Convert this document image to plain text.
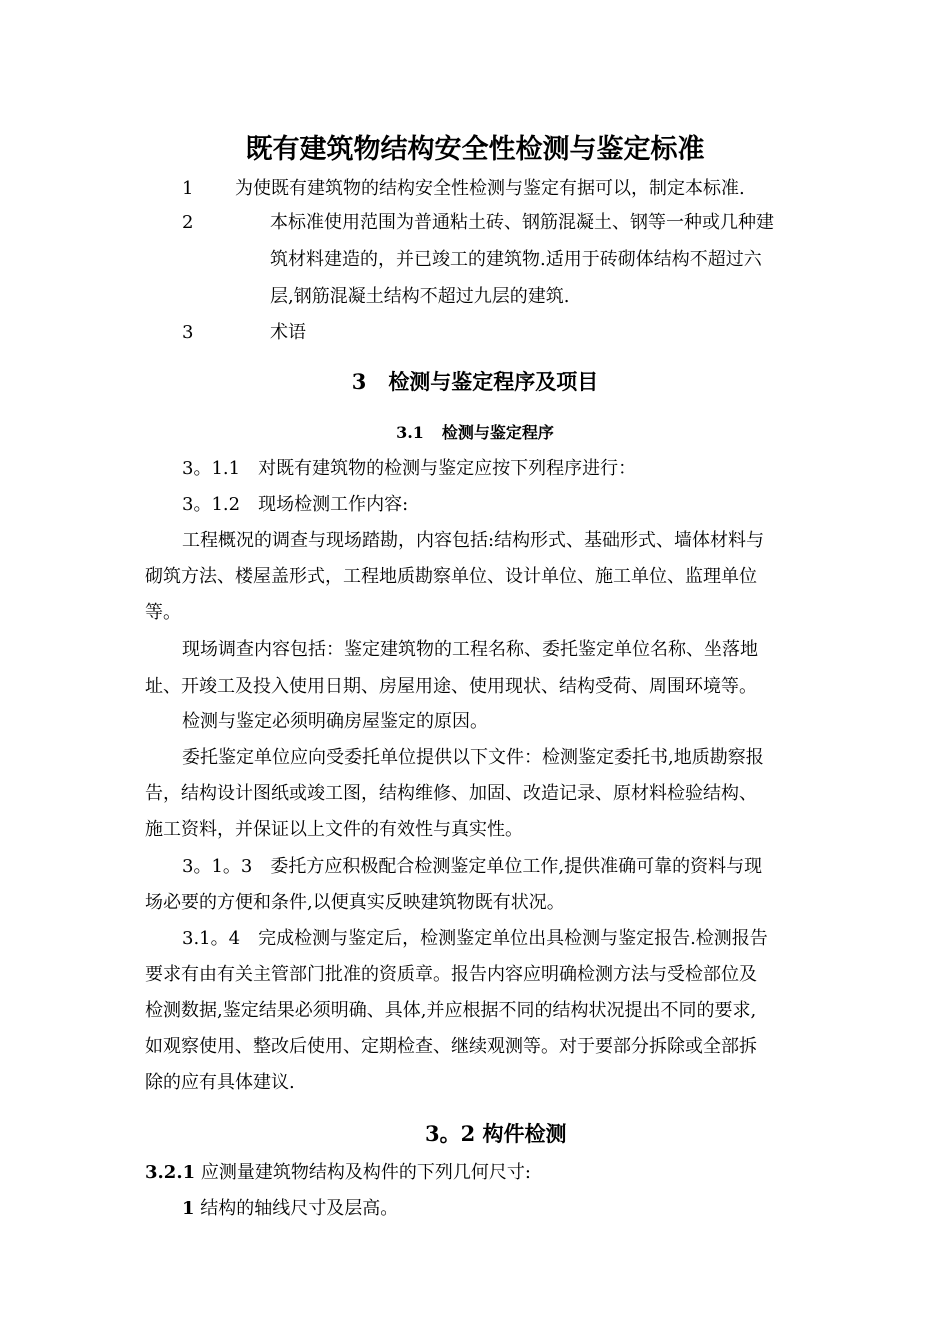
既有建筑物结构安全性检测与鉴定标准
1 为使既有建筑物的结构安全性检测与鉴定有据可以，制定本标准.
2	本标准使用范围为普通粘土砖、钢筋混凝土、钢等一种或几种建
筑材料建造的，并已竣工的建筑物.适用于砖砌体结构不超过六
层,钢筋混凝土结构不超过九层的建筑.
3	术语
3 检测与鉴定程序及项目
3.1 检测与鉴定程序
3。1.1　对既有建筑物的检测与鉴定应按下列程序进行：
3。1.2　现场检测工作内容:
工程概况的调查与现场踏勘，内容包括:结构形式、基础形式、墙体材料与
砌筑方法、楼屋盖形式，工程地质勘察单位、设计单位、施工单位、监理单位
等。
现场调查内容包括：鉴定建筑物的工程名称、委托鉴定单位名称、坐落地
址、开竣工及投入使用日期、房屋用途、使用现状、结构受荷、周围环境等。
检测与鉴定必须明确房屋鉴定的原因。
委托鉴定单位应向受委托单位提供以下文件：检测鉴定委托书,地质勘察报
告，结构设计图纸或竣工图，结构维修、加固、改造记录、原材料检验结构、
施工资料，并保证以上文件的有效性与真实性。
3。1。3　委托方应积极配合检测鉴定单位工作,提供准确可靠的资料与现
场必要的方便和条件,以便真实反映建筑物既有状况。
3.1。4　完成检测与鉴定后，检测鉴定单位出具检测与鉴定报告.检测报告
要求有由有关主管部门批准的资质章。报告内容应明确检测方法与受检部位及
检测数据,鉴定结果必须明确、具体,并应根据不同的结构状况提出不同的要求,
如观察使用、整改后使用、定期检查、继续观测等。对于要部分拆除或全部拆
除的应有具体建议.
3。2 构件检测
3.2.1 应测量建筑物结构及构件的下列几何尺寸:
1 结构的轴线尺寸及层高。
